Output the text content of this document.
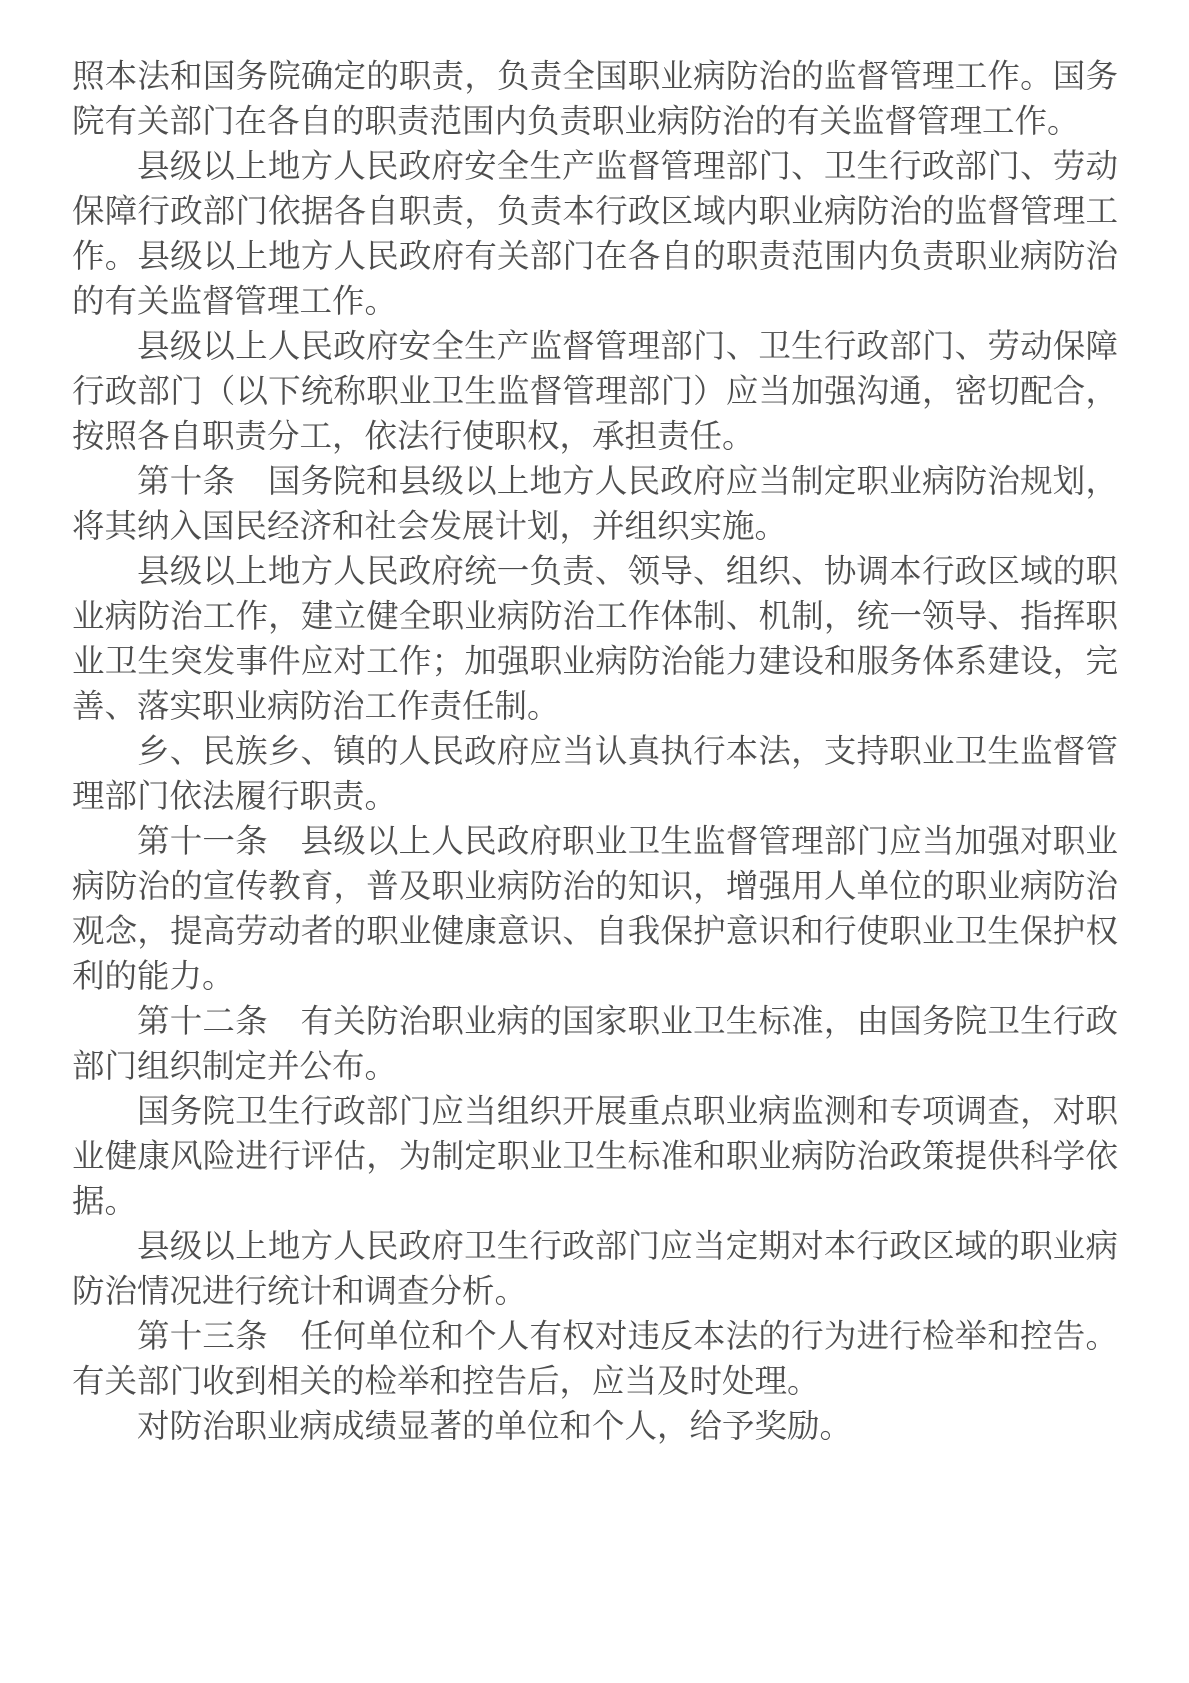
照本法和国务院确定的职责，负责全国职业病防治的监督管理工作。国务院有关部门在各自的职责范围内负责职业病防治的有关监督管理工作。

县级以上地方人民政府安全生产监督管理部门、卫生行政部门、劳动保障行政部门依据各自职责，负责本行政区域内职业病防治的监督管理工作。县级以上地方人民政府有关部门在各自的职责范围内负责职业病防治的有关监督管理工作。

县级以上人民政府安全生产监督管理部门、卫生行政部门、劳动保障行政部门（以下统称职业卫生监督管理部门）应当加强沟通，密切配合，按照各自职责分工，依法行使职权，承担责任。

第十条　国务院和县级以上地方人民政府应当制定职业病防治规划，将其纳入国民经济和社会发展计划，并组织实施。

县级以上地方人民政府统一负责、领导、组织、协调本行政区域的职业病防治工作，建立健全职业病防治工作体制、机制，统一领导、指挥职业卫生突发事件应对工作；加强职业病防治能力建设和服务体系建设，完善、落实职业病防治工作责任制。

乡、民族乡、镇的人民政府应当认真执行本法，支持职业卫生监督管理部门依法履行职责。

第十一条　县级以上人民政府职业卫生监督管理部门应当加强对职业病防治的宣传教育，普及职业病防治的知识，增强用人单位的职业病防治观念，提高劳动者的职业健康意识、自我保护意识和行使职业卫生保护权利的能力。

第十二条　有关防治职业病的国家职业卫生标准，由国务院卫生行政部门组织制定并公布。

国务院卫生行政部门应当组织开展重点职业病监测和专项调查，对职业健康风险进行评估，为制定职业卫生标准和职业病防治政策提供科学依据。

县级以上地方人民政府卫生行政部门应当定期对本行政区域的职业病防治情况进行统计和调查分析。

第十三条　任何单位和个人有权对违反本法的行为进行检举和控告。有关部门收到相关的检举和控告后，应当及时处理。

对防治职业病成绩显著的单位和个人，给予奖励。
